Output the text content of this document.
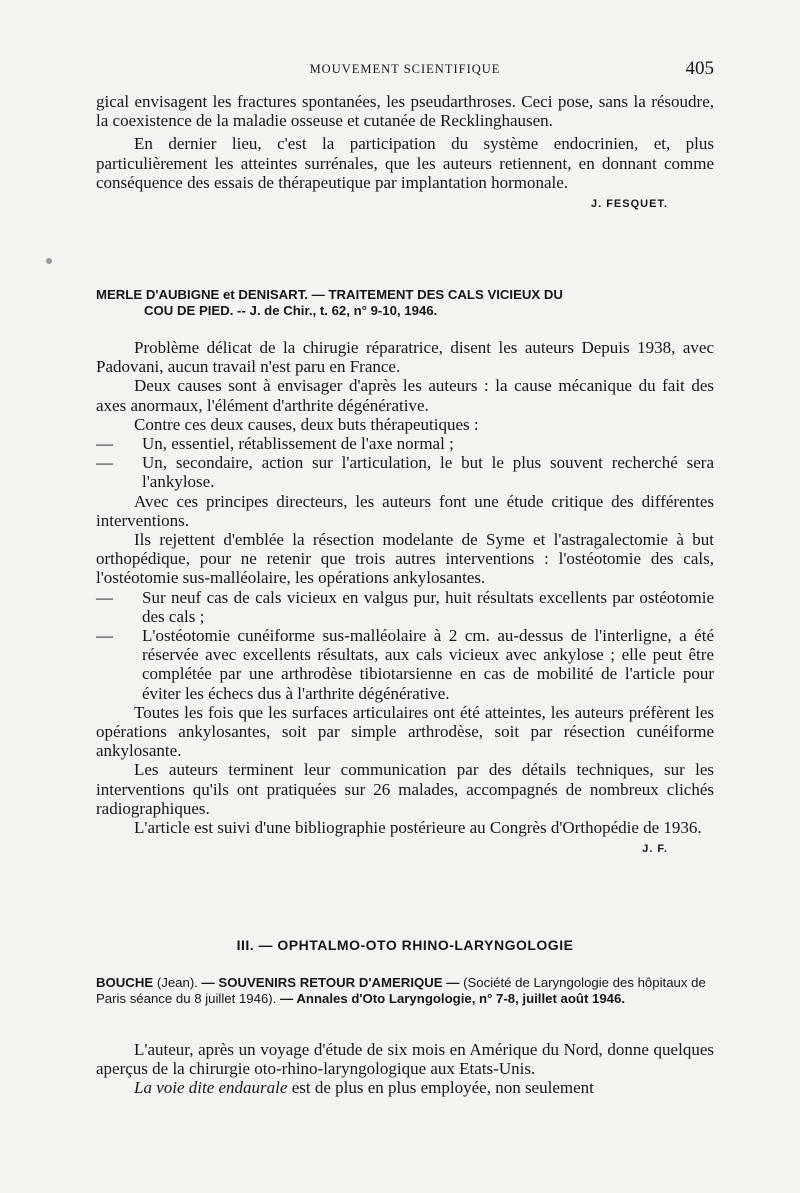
MOUVEMENT SCIENTIFIQUE	405

gical envisagent les fractures spontanées, les pseudarthroses. Ceci pose, sans la résoudre, la coexistence de la maladie osseuse et cutanée de Recklinghausen.

En dernier lieu, c'est la participation du système endocrinien, et, plus particulièrement les atteintes surrénales, que les auteurs retiennent, en donnant comme conséquence des essais de thérapeutique par implantation hormonale.

J. FESQUET.

MERLE D'AUBIGNE et DENISART. — TRAITEMENT DES CALS VICIEUX DU

COU DE PIED. -- J. de Chir., t. 62, n° 9-10, 1946.

Problème délicat de la chirugie réparatrice, disent les auteurs Depuis 1938, avec Padovani, aucun travail n'est paru en France.

Deux causes sont à envisager d'après les auteurs : la cause mécanique du fait des axes anormaux, l'élément d'arthrite dégénérative.

Contre ces deux causes, deux buts thérapeutiques :

— Un, essentiel, rétablissement de l'axe normal ;

— Un, secondaire, action sur l'articulation, le but le plus souvent recherché sera l'ankylose.

Avec ces principes directeurs, les auteurs font une étude critique des différentes interventions.

Ils rejettent d'emblée la résection modelante de Syme et l'astragalectomie à but orthopédique, pour ne retenir que trois autres interventions : l'ostéotomie des cals, l'ostéotomie sus-malléolaire, les opérations ankylosantes.

— Sur neuf cas de cals vicieux en valgus pur, huit résultats excellents par ostéotomie des cals ;

— L'ostéotomie cunéiforme sus-malléolaire à 2 cm. au-dessus de l'interligne, a été réservée avec excellents résultats, aux cals vicieux avec ankylose ; elle peut être complétée par une arthrodèse tibiotarsienne en cas de mobilité de l'article pour éviter les échecs dus à l'arthrite dégénérative.

Toutes les fois que les surfaces articulaires ont été atteintes, les auteurs préfèrent les opérations ankylosantes, soit par simple arthrodèse, soit par résection cunéiforme ankylosante.

Les auteurs terminent leur communication par des détails techniques, sur les interventions qu'ils ont pratiquées sur 26 malades, accompagnés de nombreux clichés radiographiques.

L'article est suivi d'une bibliographie postérieure au Congrès d'Orthopédie de 1936.

J. F.
III. — OPHTALMO-OTO RHINO-LARYNGOLOGIE

BOUCHE (Jean). — SOUVENIRS RETOUR D'AMERIQUE — (Société de Laryngologie des hôpitaux de Paris séance du 8 juillet 1946). — Annales d'Oto Laryngologie, n° 7-8, juillet août 1946.

L'auteur, après un voyage d'étude de six mois en Amérique du Nord, donne quelques aperçus de la chirurgie oto-rhino-laryngologique aux Etats-Unis.

La voie dite endaurale est de plus en plus employée, non seulement
